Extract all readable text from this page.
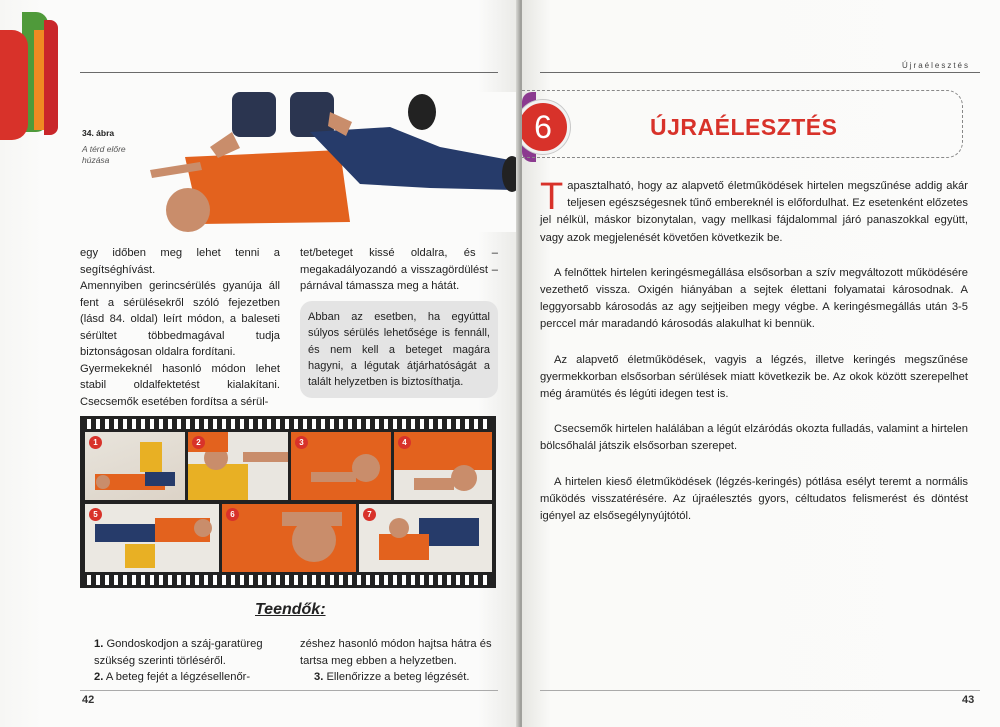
34. ábra
A térd előre húzása

egy időben meg lehet tenni a segítséghívást.

Amennyiben gerincsérülés gyanúja áll fent a sérülésekről szóló fejezetben (lásd 84. oldal) leírt módon, a baleseti sérültet többedmagával tudja biztonságosan oldalra fordítani.

Gyermekeknél hasonló módon lehet stabil oldalfektetést kialakítani. Csecsemők esetében fordítsa a sérül-

tet/beteget kissé oldalra, és – megakadályozandó a visszagördülést – párnával támassza meg a hátát.

Abban az esetben, ha egyúttal súlyos sérülés lehetősége is fennáll, és nem kell a beteget magára hagyni, a légutak átjárhatóságát a talált helyzetben is biztosíthatja.
1	2	3	4
5	6	7
Teendők:
1. Gondoskodjon a száj-garatüreg szükség szerinti törléséről.
2. A beteg fejét a légzésellenőr-
zéshez hasonló módon hajtsa hátra és tartsa meg ebben a helyzetben.
3. Ellenőrizze a beteg légzését.
42
Újraélesztés
6	ÚJRAÉLESZTÉS

Tapasztalható, hogy az alapvető életműködések hirtelen megszűnése addig akár teljesen egészségesnek tűnő embereknél is előfordulhat. Ez esetenként előzetes jel nélkül, máskor bizonytalan, vagy mellkasi fájdalommal járó panaszokkal együtt, vagy azok megjelenését követően következik be.

A felnőttek hirtelen keringésmegállása elsősorban a szív megváltozott működésére vezethető vissza. Oxigén hiányában a sejtek élettani folyamatai károsodnak. A leggyorsabb károsodás az agy sejtjeiben megy végbe. A keringésmegállás után 3-5 perccel már maradandó károsodás alakulhat ki bennük.

Az alapvető életműködések, vagyis a légzés, illetve keringés megszűnése gyermekkorban elsősorban sérülések miatt következik be. Az okok között szerepelhet még áramütés és légúti idegen test is.

Csecsemők hirtelen halálában a légút elzáródás okozta fulladás, valamint a hirtelen bölcsőhalál játszik elsősorban szerepet.

A hirtelen kieső életműködések (légzés-keringés) pótlása esélyt teremt a normális működés visszatérésére. Az újraélesztés gyors, céltudatos felismerést és döntést igényel az elsősegélynyújtótól.

43
